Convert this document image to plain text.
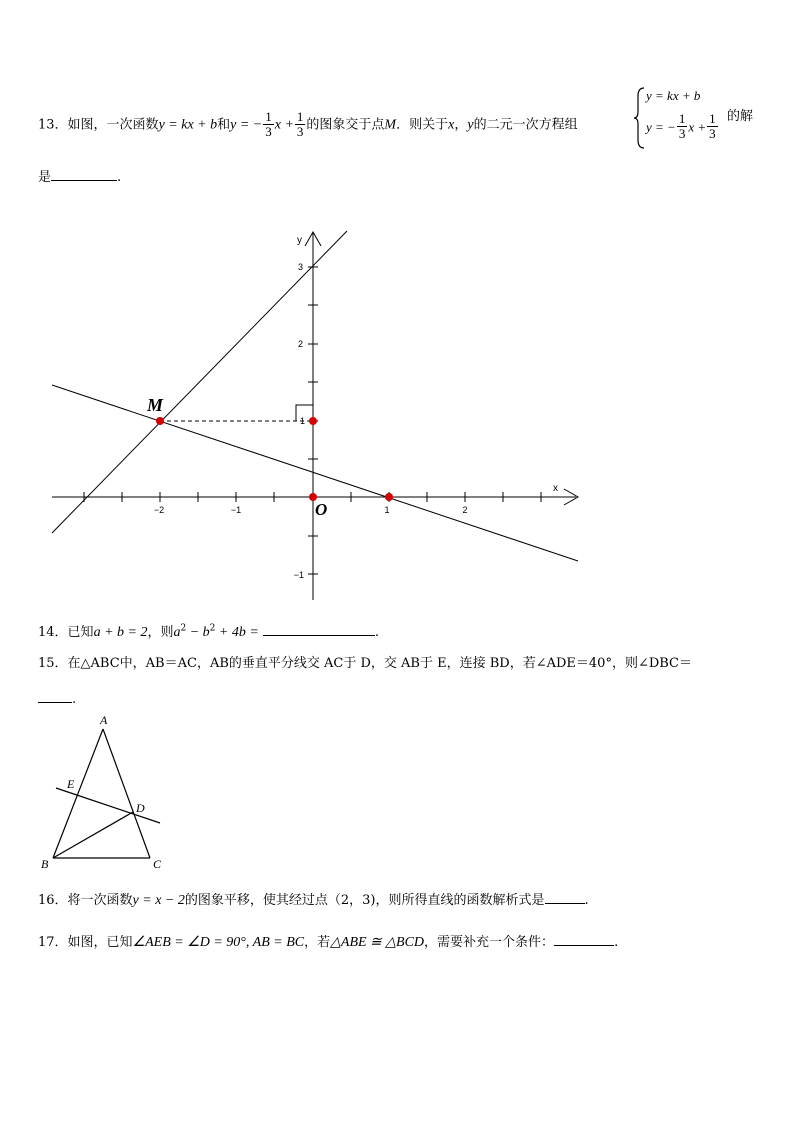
13．如图，一次函数y = kx + b和y = − $\frac{1}{3}$ $x + \frac{1}{3}$ 的图象交于点M．则关于x，y的二元一次方程组
y = kx + b
y = − $\frac{1}{3}$ $x + \frac{1}{3}$ 的解
是	.
−2	−1	1	2
3
2
1
−1
x
y
M
O
14．已知a + b = 2，则$a^2 - b^2 + 4b$ =	.
15．在△ABC中，AB＝AC，AB的垂直平分线交 AC于 D，交 AB于 E，连接 BD，若∠ADE＝40°，则∠DBC＝
.
A
B	C
D
E
16．将一次函数y = x − 2的图象平移，使其经过点（2，3)，则所得直线的函数解析式是	.
17．如图，已知∠AEB = ∠D = 90°, AB = BC，若△ABE ≅ △BCD，需要补充一个条件：	.
